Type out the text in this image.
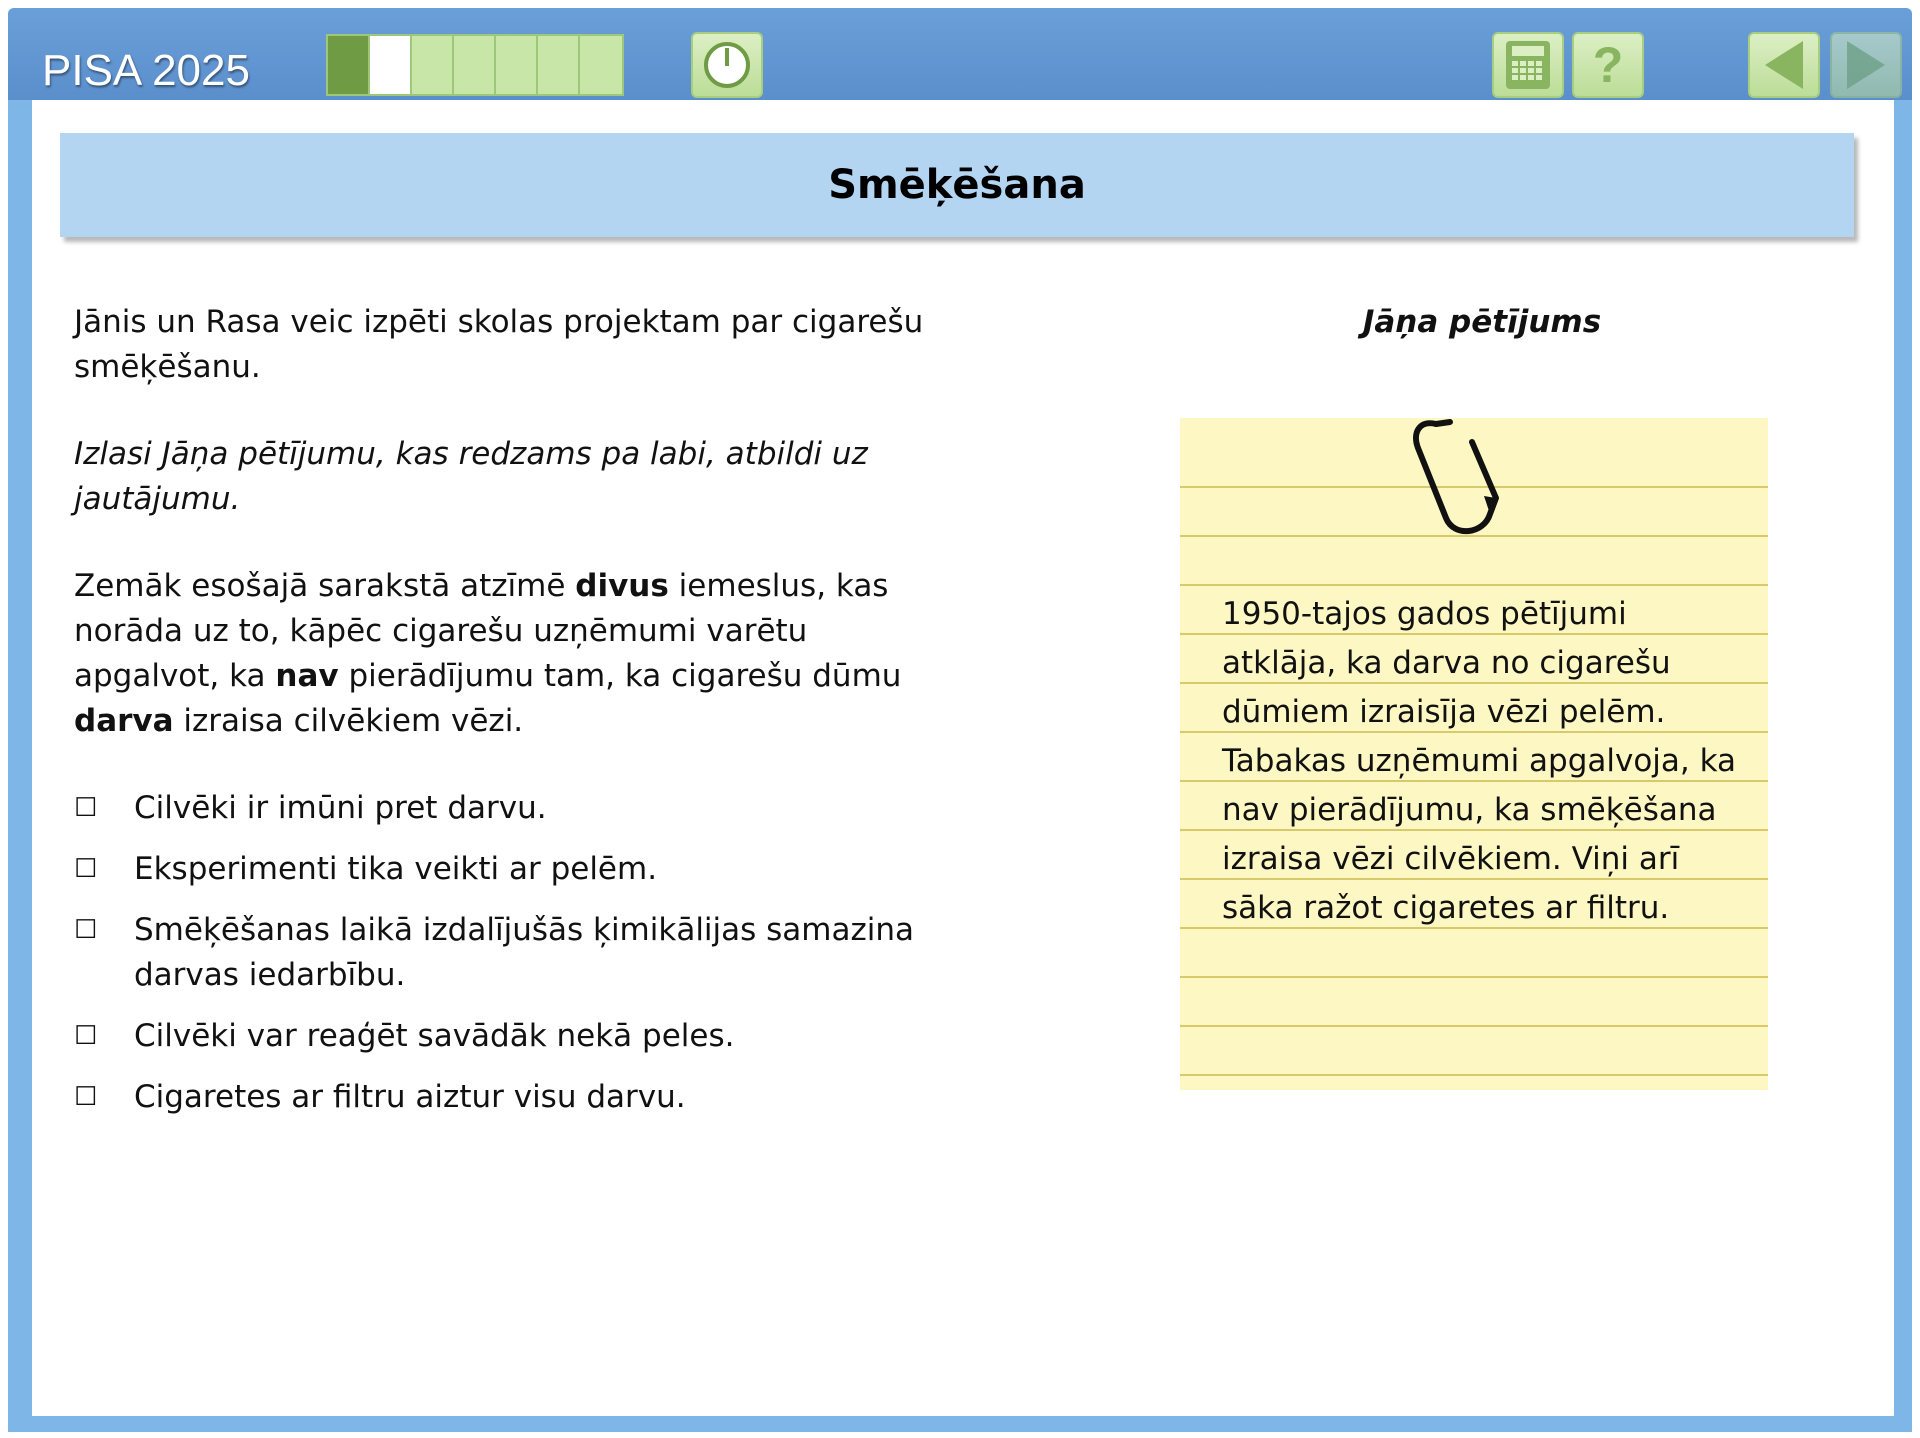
PISA 2025	?
Smēķēšana

Jānis un Rasa veic izpēti skolas projektam par cigarešu smēķēšanu.

Izlasi Jāņa pētījumu, kas redzams pa labi, atbildi uz jautājumu.

Zemāk esošajā sarakstā atzīmē divus iemeslus, kas norāda uz to, kāpēc cigarešu uzņēmumi varētu apgalvot, ka nav pierādījumu tam, ka cigarešu dūmu darva izraisa cilvēkiem vēzi.

☐	Cilvēki ir imūni pret darvu.
☐	Eksperimenti tika veikti ar pelēm.
☐	Smēķēšanas laikā izdalījušās ķimikālijas samazina darvas iedarbību.
☐	Cilvēki var reaģēt savādāk nekā peles.
☐	Cigaretes ar filtru aiztur visu darvu.
Jāņa pētījums
1950-tajos gados pētījumi atklāja, ka darva no cigarešu dūmiem izraisīja vēzi pelēm. Tabakas uzņēmumi apgalvoja, ka nav pierādījumu, ka smēķēšana izraisa vēzi cilvēkiem. Viņi arī sāka ražot cigaretes ar filtru.
